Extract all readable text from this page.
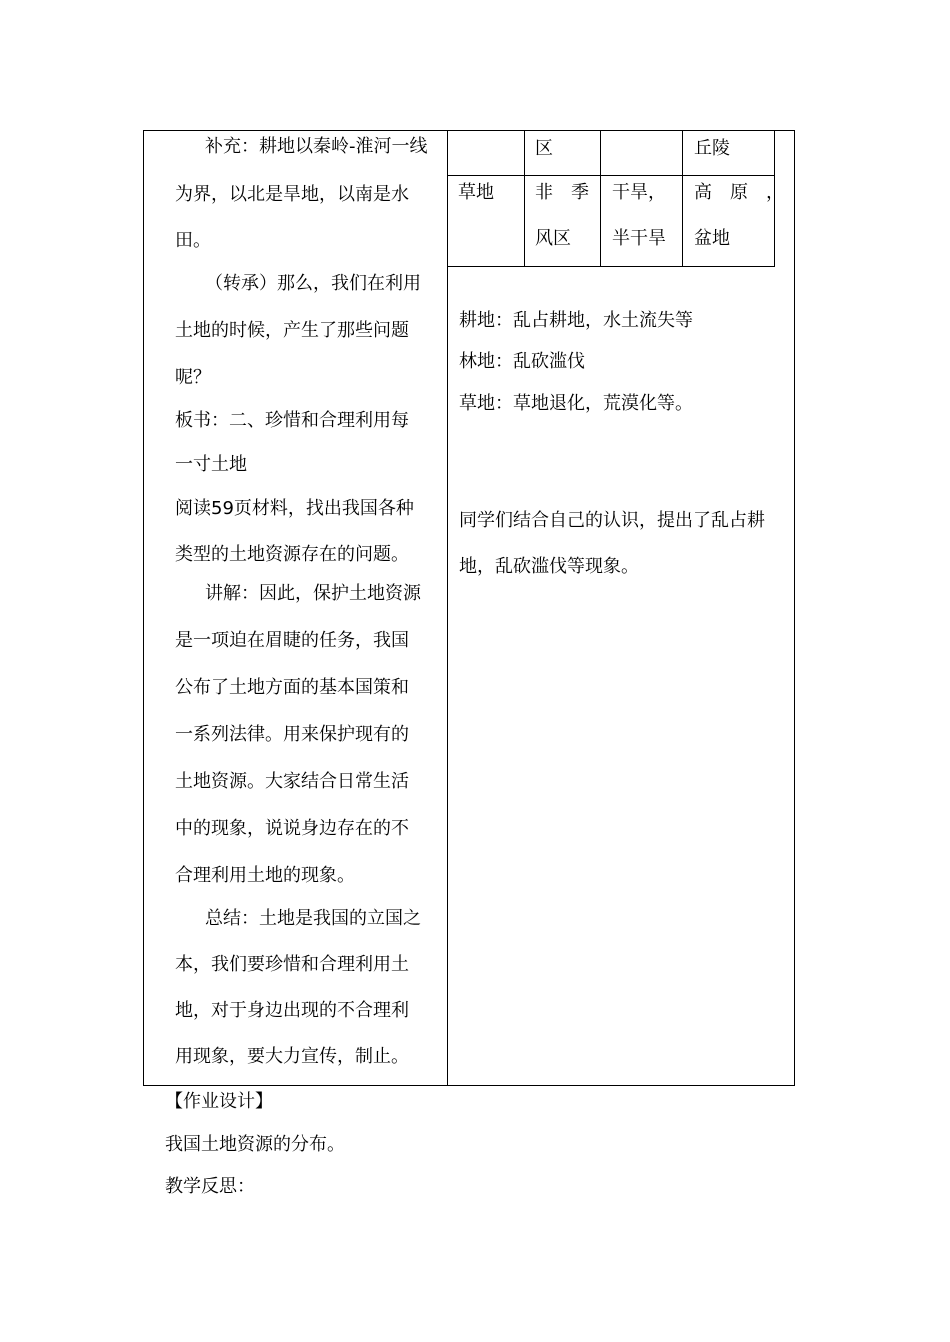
补充：耕地以秦岭-淮河一线
为界，以北是旱地，以南是水
田。
（转承）那么，我们在利用
土地的时候，产生了那些问题
呢？
板书：二、珍惜和合理利用每
一寸土地
阅读59页材料，找出我国各种
类型的土地资源存在的问题。
讲解：因此，保护土地资源
是一项迫在眉睫的任务，我国
公布了土地方面的基本国策和
一系列法律。用来保护现有的
土地资源。大家结合日常生活
中的现象，说说身边存在的不
合理利用土地的现象。
总结：土地是我国的立国之
本，我们要珍惜和合理利用土
地，对于身边出现的不合理利
用现象，要大力宣传，制止。
区	丘陵
草地 非　季
风区
干旱，
半干旱
高　原　，
盆地
耕地：乱占耕地，水土流失等
林地：乱砍滥伐
草地：草地退化，荒漠化等。
同学们结合自己的认识，提出了乱占耕
地，乱砍滥伐等现象。
【作业设计】
我国土地资源的分布。
教学反思：
